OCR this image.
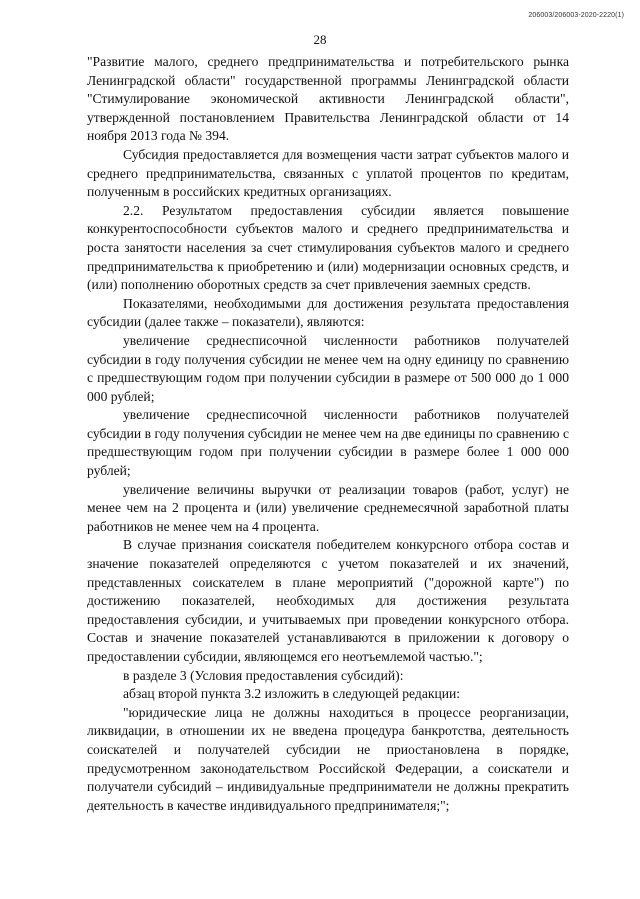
206003/206003-2020-2220(1)
28

"Развитие малого, среднего предпринимательства и потребительского рынка Ленинградской области" государственной программы Ленинградской области "Стимулирование экономической активности Ленинградской области", утвержденной постановлением Правительства Ленинградской области от 14 ноября 2013 года № 394.

Субсидия предоставляется для возмещения части затрат субъектов малого и среднего предпринимательства, связанных с уплатой процентов по кредитам, полученным в российских кредитных организациях.

2.2. Результатом предоставления субсидии является повышение конкурентоспособности субъектов малого и среднего предпринимательства и роста занятости населения за счет стимулирования субъектов малого и среднего предпринимательства к приобретению и (или) модернизации основных средств, и (или) пополнению оборотных средств за счет привлечения заемных средств.

Показателями, необходимыми для достижения результата предоставления субсидии (далее также – показатели), являются:

увеличение среднесписочной численности работников получателей субсидии в году получения субсидии не менее чем на одну единицу по сравнению с предшествующим годом при получении субсидии в размере от 500 000 до 1 000 000 рублей;

увеличение среднесписочной численности работников получателей субсидии в году получения субсидии не менее чем на две единицы по сравнению с предшествующим годом при получении субсидии в размере более 1 000 000 рублей;

увеличение величины выручки от реализации товаров (работ, услуг) не менее чем на 2 процента и (или) увеличение среднемесячной заработной платы работников не менее чем на 4 процента.

В случае признания соискателя победителем конкурсного отбора состав и значение показателей определяются с учетом показателей и их значений, представленных соискателем в плане мероприятий ("дорожной карте") по достижению показателей, необходимых для достижения результата предоставления субсидии, и учитываемых при проведении конкурсного отбора. Состав и значение показателей устанавливаются в приложении к договору о предоставлении субсидии, являющемся его неотъемлемой частью.";

в разделе 3 (Условия предоставления субсидий):

абзац второй пункта 3.2 изложить в следующей редакции:

"юридические лица не должны находиться в процессе реорганизации, ликвидации, в отношении их не введена процедура банкротства, деятельность соискателей и получателей субсидии не приостановлена в порядке, предусмотренном законодательством Российской Федерации, а соискатели и получатели субсидий – индивидуальные предприниматели не должны прекратить деятельность в качестве индивидуального предпринимателя;";
